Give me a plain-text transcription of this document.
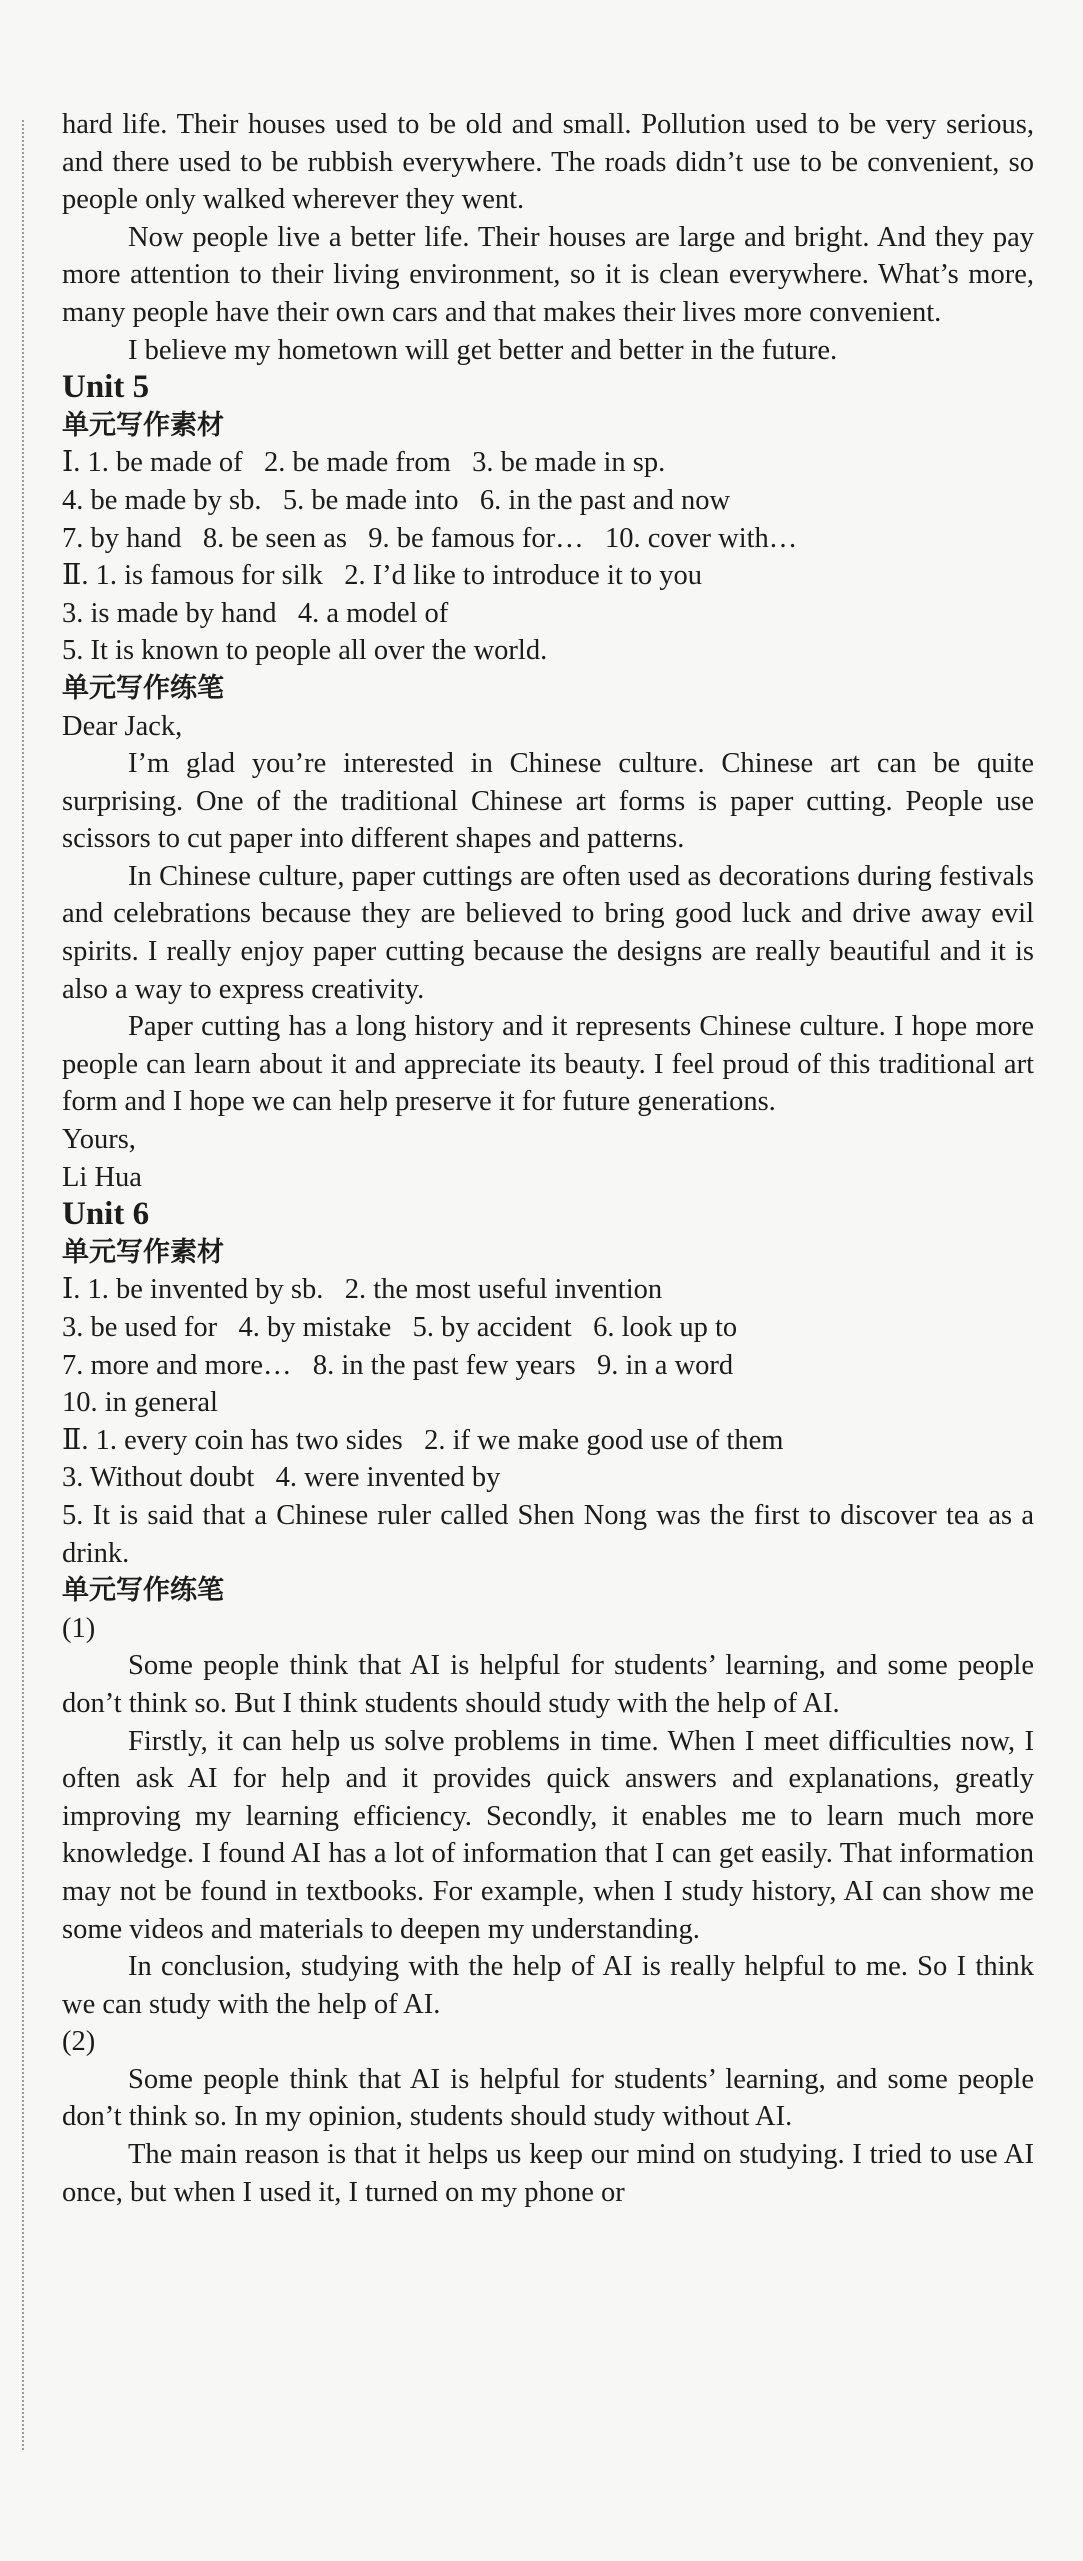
hard life. Their houses used to be old and small. Pollution used to be very serious, and there used to be rubbish everywhere. The roads didn’t use to be convenient, so people only walked wherever they went.

Now people live a better life. Their houses are large and bright. And they pay more attention to their living environment, so it is clean everywhere. What’s more, many people have their own cars and that makes their lives more convenient.

I believe my hometown will get better and better in the future.

Unit 5

单元写作素材

Ⅰ. 1. be made of   2. be made from   3. be made in sp.

4. be made by sb.   5. be made into   6. in the past and now

7. by hand   8. be seen as   9. be famous for…   10. cover with…

Ⅱ. 1. is famous for silk   2. I’d like to introduce it to you

3. is made by hand   4. a model of

5. It is known to people all over the world.

单元写作练笔

Dear Jack,

I’m glad you’re interested in Chinese culture. Chinese art can be quite surprising. One of the traditional Chinese art forms is paper cutting. People use scissors to cut paper into different shapes and patterns.

In Chinese culture, paper cuttings are often used as decorations during festivals and celebrations because they are believed to bring good luck and drive away evil spirits. I really enjoy paper cutting because the designs are really beautiful and it is also a way to express creativity.

Paper cutting has a long history and it represents Chinese culture. I hope more people can learn about it and appreciate its beauty. I feel proud of this traditional art form and I hope we can help preserve it for future generations.

Yours,

Li Hua

Unit 6

单元写作素材

Ⅰ. 1. be invented by sb.   2. the most useful invention

3. be used for   4. by mistake   5. by accident   6. look up to

7. more and more…   8. in the past few years   9. in a word

10. in general

Ⅱ. 1. every coin has two sides   2. if we make good use of them

3. Without doubt   4. were invented by

5. It is said that a Chinese ruler called Shen Nong was the first to discover tea as a drink.

单元写作练笔

(1)

Some people think that AI is helpful for students’ learning, and some people don’t think so. But I think students should study with the help of AI.

Firstly, it can help us solve problems in time. When I meet difficulties now, I often ask AI for help and it provides quick answers and explanations, greatly improving my learning efficiency. Secondly, it enables me to learn much more knowledge. I found AI has a lot of information that I can get easily. That information may not be found in textbooks. For example, when I study history, AI can show me some videos and materials to deepen my understanding.

In conclusion, studying with the help of AI is really helpful to me. So I think we can study with the help of AI.

(2)

Some people think that AI is helpful for students’ learning, and some people don’t think so. In my opinion, students should study without AI.

The main reason is that it helps us keep our mind on studying. I tried to use AI once, but when I used it, I turned on my phone or
